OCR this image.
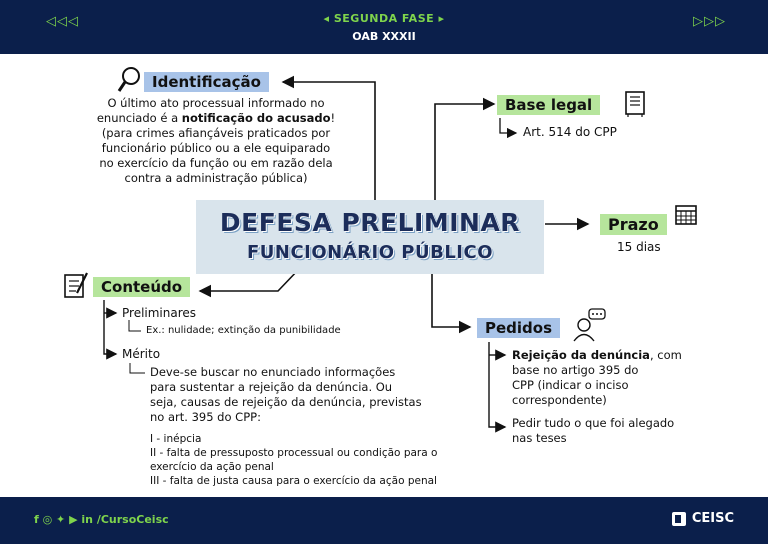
◁◁◁	◂ SEGUNDA FASE ▸
OAB XXXII
▷▷▷
Identificação
O último ato processual informado no
enunciado é a notificação do acusado!
(para crimes afiançáveis praticados por
funcionário público ou a ele equiparado
no exercício da função ou em razão dela
contra a administração pública)
Base legal
Art. 514 do CPP
DEFESA PRELIMINAR
FUNCIONÁRIO PÚBLICO
Prazo
15 dias
Conteúdo
Preliminares
Ex.: nulidade; extinção da punibilidade
Mérito
Deve-se buscar no enunciado informações
para sustentar a rejeição da denúncia. Ou
seja, causas de rejeição da denúncia, previstas
no art. 395 do CPP:
I - inépcia
II - falta de pressuposto processual ou condição para o
exercício da ação penal
III - falta de justa causa para o exercício da ação penal
Pedidos
Rejeição da denúncia, com
base no artigo 395 do
CPP (indicar o inciso
correspondente)
Pedir tudo o que foi alegado
nas teses
f ◎ ✦ ▶ in /CursoCeisc	CEISC
